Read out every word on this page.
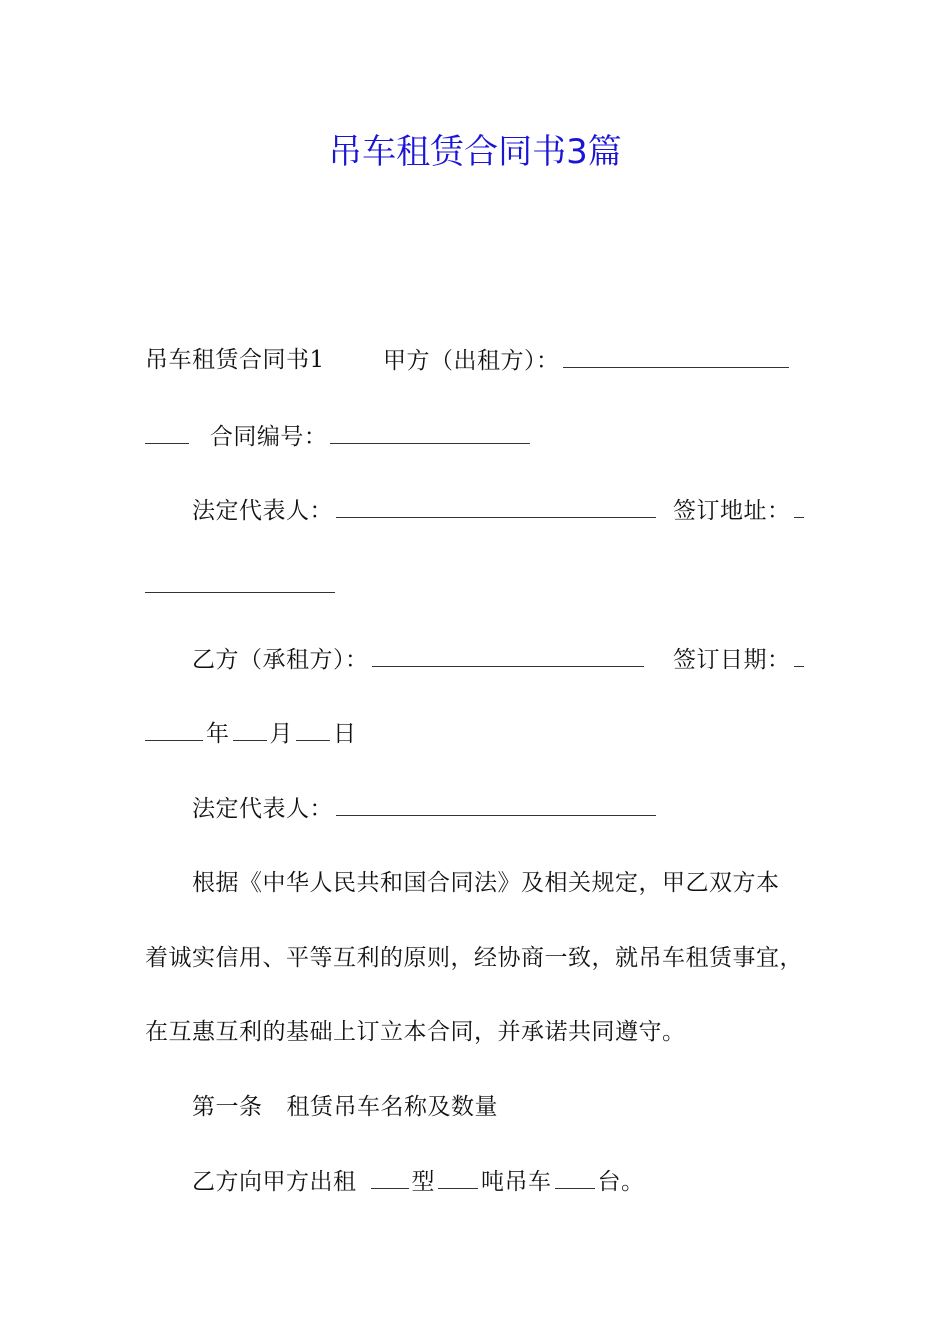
吊车租赁合同书3篇
吊车租赁合同书1	甲方（出租方）：
合同编号：
法定代表人：	签订地址：
乙方（承租方）：	签订日期：
年 月 日
法定代表人：
根据《中华人民共和国合同法》及相关规定，甲乙双方本
着诚实信用、平等互利的原则，经协商一致，就吊车租赁事宜，
在互惠互利的基础上订立本合同，并承诺共同遵守。
第一条 租赁吊车名称及数量
乙方向甲方出租 型 吨吊车 台。
